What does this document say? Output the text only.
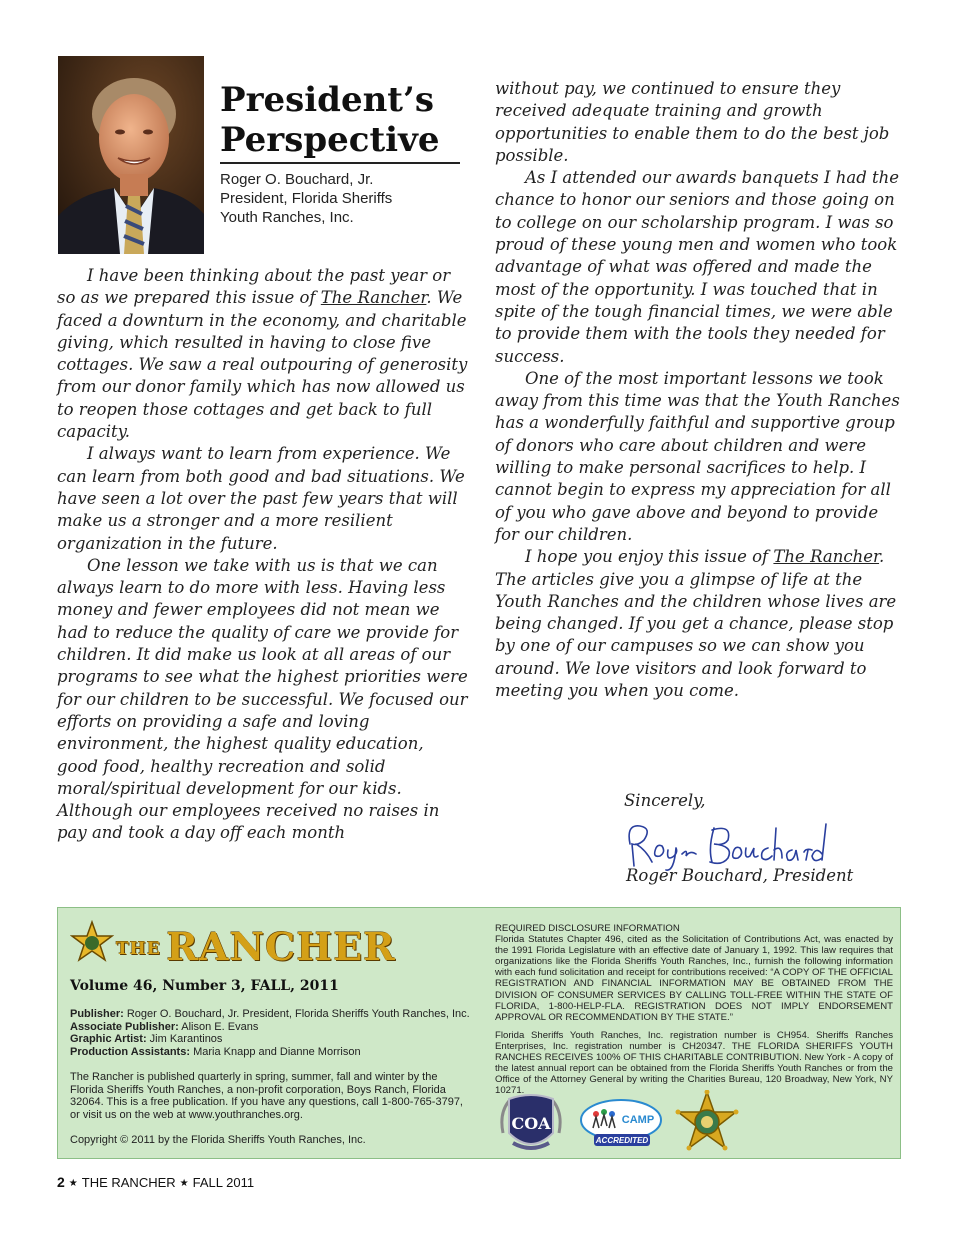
President’s
Perspective
Roger O. Bouchard, Jr.
President, Florida Sheriffs
Youth Ranches, Inc.

I have been thinking about the past year or so as we prepared this issue of The Rancher. We faced a downturn in the economy, and charitable giving, which resulted in having to close five cottages. We saw a real outpouring of generosity from our donor family which has now allowed us to reopen those cottages and get back to full capacity.

I always want to learn from experience. We can learn from both good and bad situations. We have seen a lot over the past few years that will make us a stronger and a more resilient organization in the future.

One lesson we take with us is that we can always learn to do more with less. Having less money and fewer employees did not mean we had to reduce the quality of care we provide for children. It did make us look at all areas of our programs to see what the highest priorities were for our children to be successful. We focused our efforts on providing a safe and loving environment, the highest quality education, good food, healthy recreation and solid moral/spiritual development for our kids. Although our employees received no raises in pay and took a day off each month

without pay, we continued to ensure they received adequate training and growth opportunities to enable them to do the best job possible.

As I attended our awards banquets I had the chance to honor our seniors and those going on to college on our scholarship program. I was so proud of these young men and women who took advantage of what was offered and made the most of the opportunity. I was touched that in spite of the tough financial times, we were able to provide them with the tools they needed for success.

One of the most important lessons we took away from this time was that the Youth Ranches has a wonderfully faithful and supportive group of donors who care about children and were willing to make personal sacrifices to help. I cannot begin to express my appreciation for all of you who gave above and beyond to provide for our children.

I hope you enjoy this issue of The Rancher. The articles give you a glimpse of life at the Youth Ranches and the children whose lives are being changed. If you get a chance, please stop by one of our campuses so we can show you around. We love visitors and look forward to meeting you when you come.

Sincerely,
Roger Bouchard, President
THE RANCHER
Volume 46, Number 3, FALL, 2011
Publisher: Roger O. Bouchard, Jr. President, Florida Sheriffs Youth Ranches, Inc.
Associate Publisher: Alison E. Evans
Graphic Artist: Jim Karantinos
Production Assistants: Maria Knapp and Dianne Morrison
The Rancher is published quarterly in spring, summer, fall and winter by the Florida Sheriffs Youth Ranches, a non-profit corporation, Boys Ranch, Florida 32064. This is a free publication. If you have any questions, call 1-800-765-3797, or visit us on the web at www.youthranches.org.
Copyright © 2011 by the Florida Sheriffs Youth Ranches, Inc.

REQUIRED DISCLOSURE INFORMATION

Florida Statutes Chapter 496, cited as the Solicitation of Contributions Act, was enacted by the 1991 Florida Legislature with an effective date of January 1, 1992. This law requires that organizations like the Florida Sheriffs Youth Ranches, Inc., furnish the following information with each fund solicitation and receipt for contributions received: “A COPY OF THE OFFICIAL REGISTRATION AND FINANCIAL INFORMATION MAY BE OBTAINED FROM THE DIVISION OF CONSUMER SERVICES BY CALLING TOLL-FREE WITHIN THE STATE OF FLORIDA, 1-800-HELP-FLA. REGISTRATION DOES NOT IMPLY ENDORSEMENT APPROVAL OR RECOMMENDATION BY THE STATE.”

Florida Sheriffs Youth Ranches, Inc. registration number is CH954. Sheriffs Ranches Enterprises, Inc. registration number is CH20347. THE FLORIDA SHERIFFS YOUTH RANCHES RECEIVES 100% OF THIS CHARITABLE CONTRIBUTION. New York - A copy of the latest annual report can be obtained from the Florida Sheriffs Youth Ranches or from the Office of the Attorney General by writing the Charities Bureau, 120 Broadway, New York, NY 10271.

COA	CAMP
ACCREDITED
2 ★ THE RANCHER ★ FALL 2011
